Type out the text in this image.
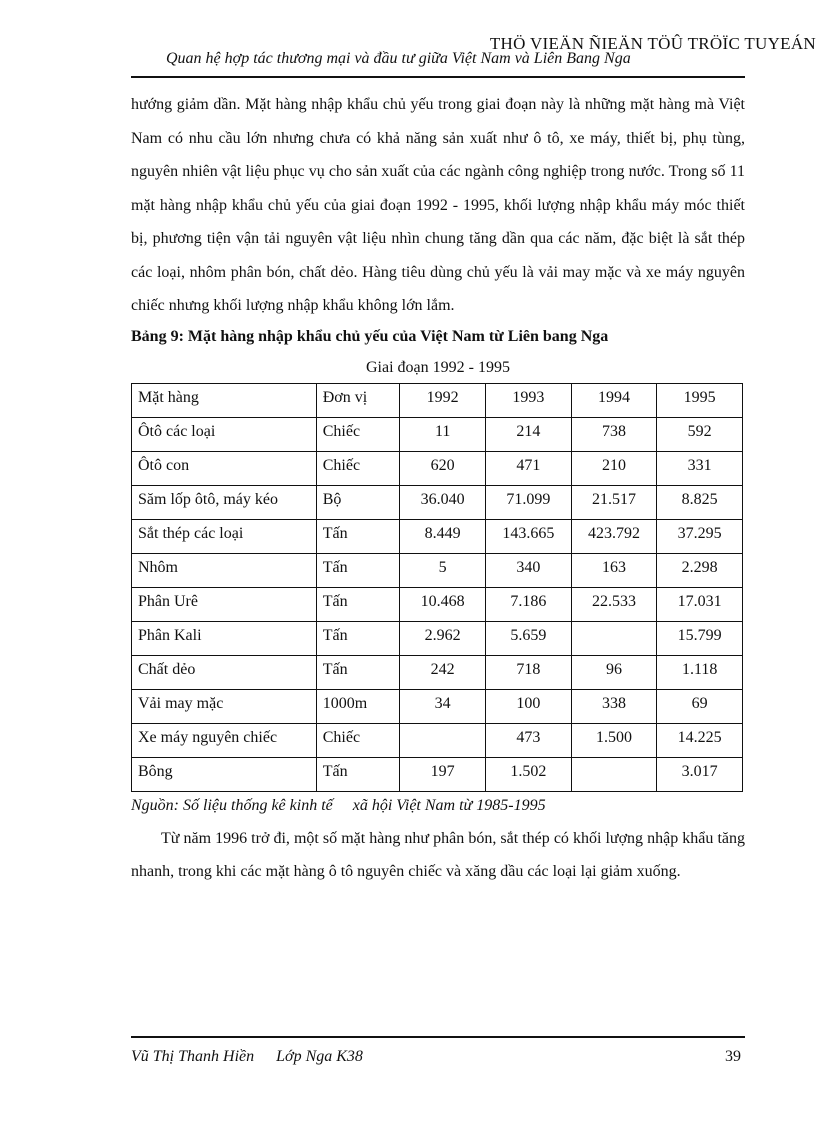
THÖ VIEÄN ÑIEÄN TÖÛ TRÖÏC TUYEÁN
Quan hệ hợp tác thương mại và đầu tư giữa Việt Nam và Liên Bang Nga

hướng giảm dần. Mặt hàng nhập khẩu chủ yếu trong giai đoạn này là những mặt hàng mà Việt Nam có nhu cầu lớn nhưng chưa có khả năng sản xuất như ô tô, xe máy, thiết bị, phụ tùng, nguyên nhiên vật liệu phục vụ cho sản xuất của các ngành công nghiệp trong nước. Trong số 11 mặt hàng nhập khẩu chủ yếu của giai đoạn 1992 - 1995, khối lượng nhập khẩu máy móc thiết bị, phương tiện vận tải nguyên vật liệu nhìn chung tăng dần qua các năm, đặc biệt là sắt thép các loại, nhôm phân bón, chất dẻo. Hàng tiêu dùng chủ yếu là vải may mặc và xe máy nguyên chiếc nhưng khối lượng nhập khẩu không lớn lắm.

Bảng 9: Mặt hàng nhập khẩu chủ yếu của Việt Nam từ Liên bang Nga

Giai đoạn 1992 - 1995

Mặt hàng	Đơn vị	1992	1993	1994	1995
Ôtô các loại	Chiếc	11	214	738	592
Ôtô con	Chiếc	620	471	210	331
Săm lốp ôtô, máy kéo	Bộ	36.040	71.099	21.517	8.825
Sắt thép các loại	Tấn	8.449	143.665	423.792	37.295
Nhôm	Tấn	5	340	163	2.298
Phân Urê	Tấn	10.468	7.186	22.533	17.031
Phân Kali	Tấn	2.962	5.659		15.799
Chất dẻo	Tấn	242	718	96	1.118
Vải may mặc	1000m	34	100	338	69
Xe máy nguyên chiếc	Chiếc		473	1.500	14.225
Bông	Tấn	197	1.502		3.017

Nguồn: Số liệu thống kê kinh tế     xã hội Việt Nam từ 1985-1995

Từ năm 1996 trở đi, một số mặt hàng như phân bón, sắt thép có khối lượng nhập khẩu tăng nhanh, trong khi các mặt hàng ô tô nguyên chiếc và xăng dầu các loại lại giảm xuống.

Vũ Thị Thanh Hiền Lớp Nga K38	39
